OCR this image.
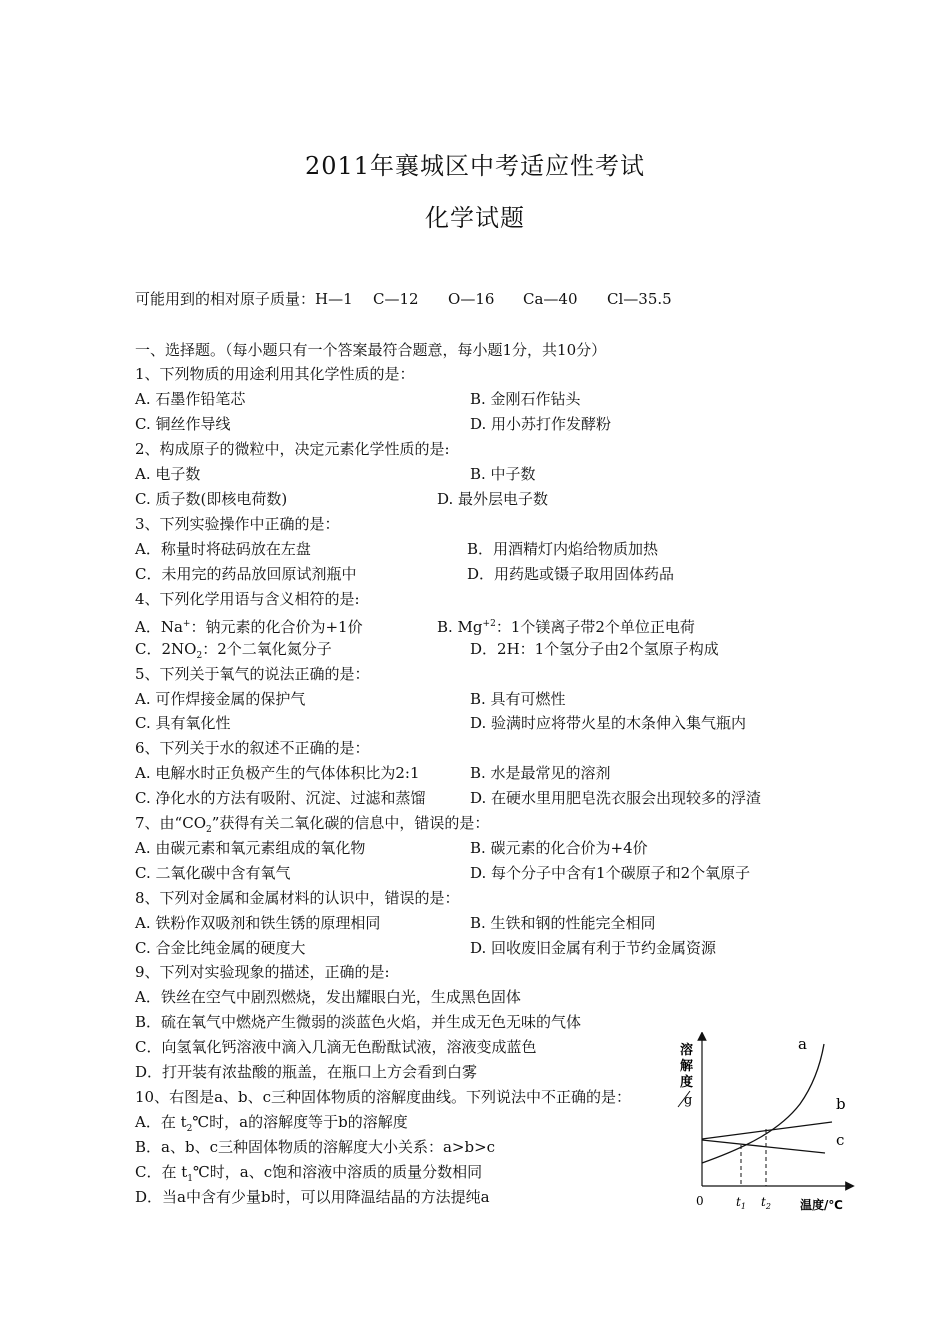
2011年襄城区中考适应性考试
化学试题
可能用到的相对原子质量：H—1 C—12 O—16 Ca—40 Cl—35.5
一、选择题。（每小题只有一个答案最符合题意，每小题1分，共10分）
1、下列物质的用途利用其化学性质的是：
A. 石墨作铅笔芯	B. 金刚石作钻头
C. 铜丝作导线	D. 用小苏打作发酵粉
2、构成原子的微粒中，决定元素化学性质的是:
A. 电子数	B. 中子数
C. 质子数(即核电荷数)	D. 最外层电子数
3、下列实验操作中正确的是：
A．称量时将砝码放在左盘	B．用酒精灯内焰给物质加热
C．未用完的药品放回原试剂瓶中	D．用药匙或镊子取用固体药品
4、下列化学用语与含义相符的是:
A．Na+：钠元素的化合价为+1价	B. $Mg^{+2}$：1个镁离子带2个单位正电荷
C．$2NO_2$：2个二氧化氮分子	D．2H：1个氢分子由2个氢原子构成
5、下列关于氧气的说法正确的是：
A. 可作焊接金属的保护气	B. 具有可燃性
C. 具有氧化性	D. 验满时应将带火星的木条伸入集气瓶内
6、下列关于水的叙述不正确的是：
A. 电解水时正负极产生的气体体积比为2:1	B. 水是最常见的溶剂
C. 净化水的方法有吸附、沉淀、过滤和蒸馏	D. 在硬水里用肥皂洗衣服会出现较多的浮渣
7、由“$CO_2$”获得有关二氧化碳的信息中，错误的是：
A. 由碳元素和氧元素组成的氧化物	B. 碳元素的化合价为+4价
C. 二氧化碳中含有氧气	D. 每个分子中含有1个碳原子和2个氧原子
8、下列对金属和金属材料的认识中，错误的是：
A. 铁粉作双吸剂和铁生锈的原理相同	B. 生铁和钢的性能完全相同
C. 合金比纯金属的硬度大	D. 回收废旧金属有利于节约金属资源
9、下列对实验现象的描述，正确的是:
A．铁丝在空气中剧烈燃烧，发出耀眼白光，生成黑色固体
B．硫在氧气中燃烧产生微弱的淡蓝色火焰，并生成无色无味的气体
C．向氢氧化钙溶液中滴入几滴无色酚酞试液，溶液变成蓝色
D．打开装有浓盐酸的瓶盖，在瓶口上方会看到白雾
10、右图是a、b、c三种固体物质的溶解度曲线。下列说法中不正确的是：
A．在 $t_2℃$时，a的溶解度等于b的溶解度
B．a、b、c三种固体物质的溶解度大小关系：a>b>c
C．在 $t_1℃$时，a、c饱和溶液中溶质的质量分数相同
D．当a中含有少量b时，可以用降温结晶的方法提纯a
溶
解
度
g
0	$t_1$ $t_2$ 温度/℃
a
b
c
